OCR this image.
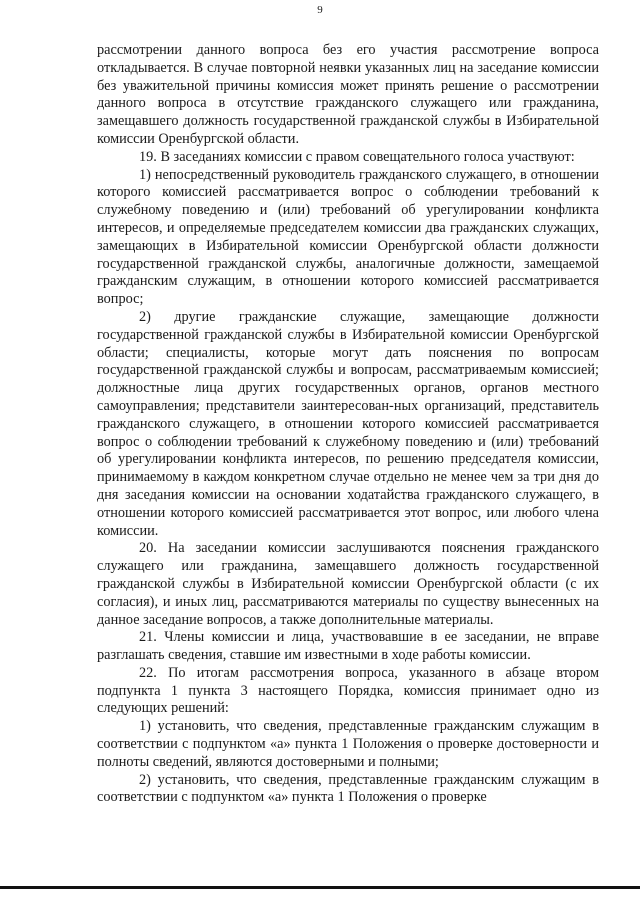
9

рассмотрении данного вопроса без его участия рассмотрение вопроса откладывается. В случае повторной неявки указанных лиц на заседание комиссии без уважительной причины комиссия может принять решение о рассмотрении данного вопроса в отсутствие гражданского служащего или гражданина, замещавшего должность государственной гражданской службы в Избирательной комиссии Оренбургской области.

19. В заседаниях комиссии с правом совещательного голоса участвуют:

1) непосредственный руководитель гражданского служащего, в отношении которого комиссией рассматривается вопрос о соблюдении требований к служебному поведению и (или) требований об урегулировании конфликта интересов, и определяемые председателем комиссии два гражданских служащих, замещающих в Избирательной комиссии Оренбургской области должности государственной гражданской службы, аналогичные должности, замещаемой гражданским служащим, в отношении которого комиссией рассматривается вопрос;

2) другие гражданские служащие, замещающие должности государственной гражданской службы в Избирательной комиссии Оренбургской области; специалисты, которые могут дать пояснения по вопросам государственной гражданской службы и вопросам, рассматриваемым комиссией; должностные лица других государственных органов, органов местного самоуправления; представители заинтересован-ных организаций, представитель гражданского служащего, в отношении которого комиссией рассматривается вопрос о соблюдении требований к служебному поведению и (или) требований об урегулировании конфликта интересов, по решению председателя комиссии, принимаемому в каждом конкретном случае отдельно не менее чем за три дня до дня заседания комиссии на основании ходатайства гражданского служащего, в отношении которого комиссией рассматривается этот вопрос, или любого члена комиссии.

20. На заседании комиссии заслушиваются пояснения гражданского служащего или гражданина, замещавшего должность государственной гражданской службы в Избирательной комиссии Оренбургской области (с их согласия), и иных лиц, рассматриваются материалы по существу вынесенных на данное заседание вопросов, а также дополнительные материалы.

21. Члены комиссии и лица, участвовавшие в ее заседании, не вправе разглашать сведения, ставшие им известными в ходе работы комиссии.

22. По итогам рассмотрения вопроса, указанного в абзаце втором подпункта 1 пункта 3 настоящего Порядка, комиссия принимает одно из следующих решений:

1) установить, что сведения, представленные гражданским служащим в соответствии с подпунктом «а» пункта 1 Положения о проверке достоверности и полноты сведений, являются достоверными и полными;

2) установить, что сведения, представленные гражданским служащим в соответствии с подпунктом «а» пункта 1 Положения о проверке
